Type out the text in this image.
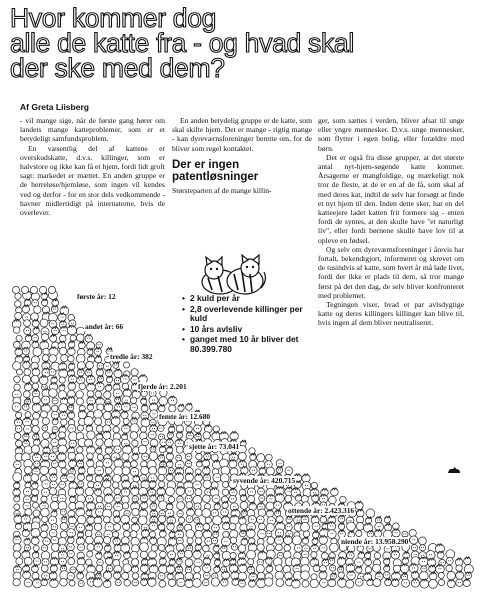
Hvor kommer dog
alle de katte fra - og hvad skal
der ske med dem?
Af Greta Liisberg

- vil mange sige, når de første gang hører om landets mange katteproblemer, som er et betydeligt samfundsproblem.

En væsentlig del af kattene er overskudskatte, d.v.s. killinger, som er halvstore og ikke kan få et hjem, fordi lidt groft sagt: markedet er mættet. En anden gruppe er de herreløse/hjemløse, som ingen vil kendes ved og derfor - for en stor dels vedkommende - havner midlertidigt på internaterne, hvis de overlever.

En anden betydelig gruppe er de katte, som skal skifte hjem. Det er mange - rigtig mange - kan dyreværnsforeninger berette om, for de bliver som regel kontaktet.

Der er ingen
patentløsninger

Størsteparten af de mange killin-

ger, som sættes i verden, bliver afsat til unge eller yngre mennesker. D.v.s. unge mennesker, som flytter i egen bolig, eller forældre med børn.

Det er også fra disse grupper, at det største antal nyt-hjem-søgende katte kommer. Årsagerne er mangfoldige, og mærkeligt nok tror de fleste, at de er en af de få, som skal af med deres kat, indtil de selv har forsøgt at finde et nyt hjem til den. Inden dette sker, har en del katteejere ladet katten frit formere sig - enten fordi de syntes, at den skulle have "et naturligt liv", eller fordi børnene skulle have lov til at opleve en fødsel.

Og selv om dyreværnsforeninger i årevis har fortalt, bekendtgjort, informeret og skrevet om de tusindvis af katte, som hvert år må lade livet, fordi der ikke er plads til dem, så tror mange først på det den dag, de selv bliver konfronteret med problemet.

Tegningen viser, hvad et par avlsdygtige katte og deres killingers killinger kan blive til, hvis ingen af dem bliver neutraliseret.

• 2 kuld per år
• 2,8 overlevende killinger per kuld
• 10 års avlsliv
• ganget med 10 år bliver det 80.399.780
første år: 12
andet år: 66
tredie år: 382
fjerde år: 2.201
femte år: 12.680
sjette år: 73.041
syvende år: 420.715
ottende år: 2.423.316
niende år: 13.958.290
